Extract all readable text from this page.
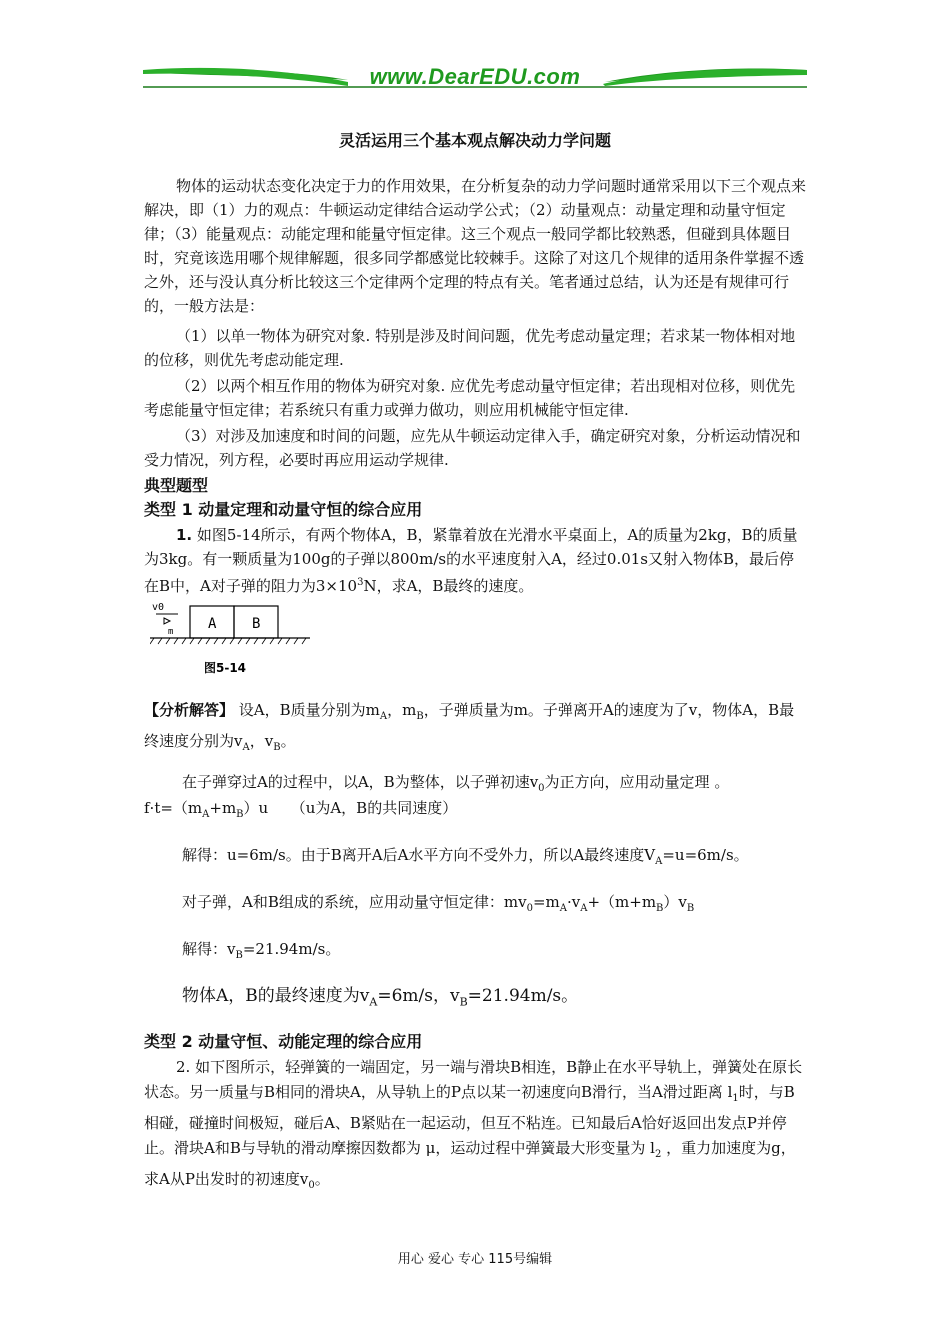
www.DearEDU.com
灵活运用三个基本观点解决动力学问题
物体的运动状态变化决定于力的作用效果，在分析复杂的动力学问题时通常采用以下三个观点来解决，即（1）力的观点：牛顿运动定律结合运动学公式；（2）动量观点：动量定理和动量守恒定律；（3）能量观点：动能定理和能量守恒定律。这三个观点一般同学都比较熟悉，但碰到具体题目时，究竟该选用哪个规律解题，很多同学都感觉比较棘手。这除了对这几个规律的适用条件掌握不透之外，还与没认真分析比较这三个定律两个定理的特点有关。笔者通过总结，认为还是有规律可行的，一般方法是：
（1）以单一物体为研究对象. 特别是涉及时间问题，优先考虑动量定理；若求某一物体相对地的位移，则优先考虑动能定理.
（2）以两个相互作用的物体为研究对象. 应优先考虑动量守恒定律；若出现相对位移，则优先考虑能量守恒定律；若系统只有重力或弹力做功，则应用机械能守恒定律.
（3）对涉及加速度和时间的问题，应先从牛顿运动定律入手，确定研究对象，分析运动情况和受力情况，列方程，必要时再应用运动学规律.
典型题型
类型 1 动量定理和动量守恒的综合应用
1. 如图5-14所示，有两个物体A，B，紧靠着放在光滑水平桌面上，A的质量为2kg，B的质量为3kg。有一颗质量为100g的子弹以800m/s的水平速度射入A，经过0.01s又射入物体B，最后停在B中，A对子弹的阻力为$3\times 10^3N$，求A，B最终的速度。
v0
m A	B
图5-14
【分析解答】 设A，B质量分别为$m_A$，$m_B$，子弹质量为m。子弹离开A的速度为了v，物体A，B最终速度分别为$v_A$，$v_B$。
在子弹穿过A的过程中，以A，B为整体，以子弹初速$v_0$为正方向，应用动量定理 。
$f\cdot t=(m_A+m_B)u$　　（u为A，B的共同速度）
解得：u=6m/s。由于B离开A后A水平方向不受外力，所以A最终速度$V_A=u=6m/s$。
对子弹，A和B组成的系统，应用动量守恒定律：$mv_0=m_A\cdot v_A+(m+m_B)v_B$
解得：$v_B=21.94m/s$。
物体A，B的最终速度为$v_A=6m/s$，$v_B=21.94m/s$。
类型 2 动量守恒、动能定理的综合应用
2. 如下图所示，轻弹簧的一端固定，另一端与滑块B相连，B静止在水平导轨上，弹簧处在原长状态。另一质量与B相同的滑块A，从导轨上的P点以某一初速度向B滑行，当A滑过距离 $l_1$时，与B相碰，碰撞时间极短，碰后A、B紧贴在一起运动，但互不粘连。已知最后A恰好返回出发点P并停止。滑块A和B与导轨的滑动摩擦因数都为 μ，运动过程中弹簧最大形变量为 $l_2$ ，重力加速度为g，求A从P出发时的初速度$v_0$。
用心 爱心 专心 115号编辑
